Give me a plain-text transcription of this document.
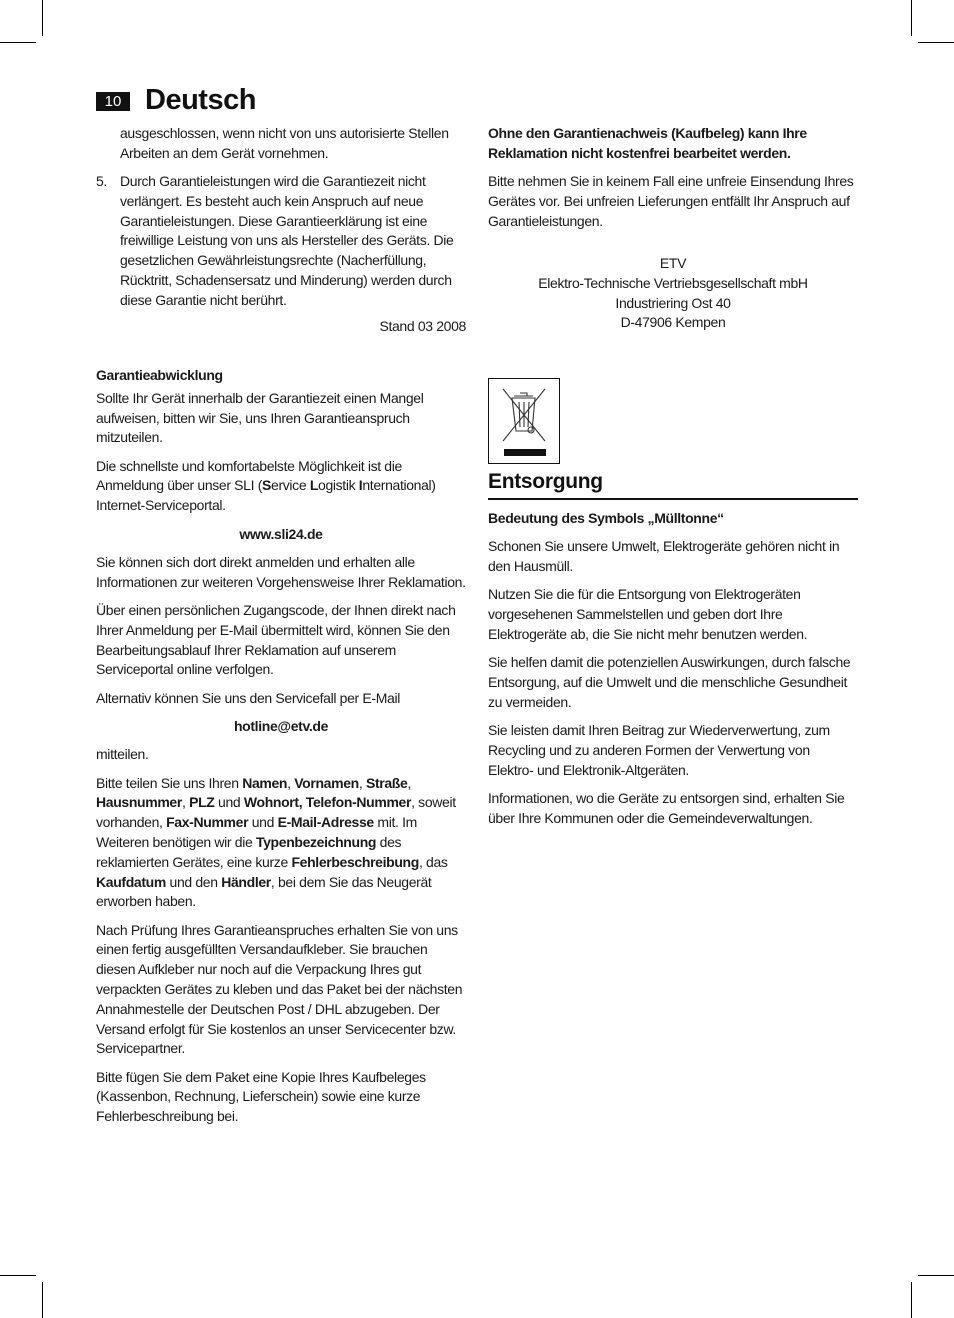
10 Deutsch

ausgeschlossen, wenn nicht von uns autorisierte Stellen Arbeiten an dem Gerät vornehmen.

5. Durch Garantieleistungen wird die Garantiezeit nicht verlängert. Es besteht auch kein Anspruch auf neue Garantieleistungen. Diese Garantieerklärung ist eine freiwillige Leistung von uns als Hersteller des Geräts. Die gesetzlichen Gewährleistungsrechte (Nacherfüllung, Rücktritt, Schadensersatz und Minderung) werden durch diese Garantie nicht berührt.

Stand 03 2008

Garantieabwicklung

Sollte Ihr Gerät innerhalb der Garantiezeit einen Mangel aufweisen, bitten wir Sie, uns Ihren Garantieanspruch mitzuteilen.

Die schnellste und komfortabelste Möglichkeit ist die Anmeldung über unser SLI (Service Logistik International) Internet-Serviceportal.

www.sli24.de

Sie können sich dort direkt anmelden und erhalten alle Informationen zur weiteren Vorgehensweise Ihrer Reklamation.

Über einen persönlichen Zugangscode, der Ihnen direkt nach Ihrer Anmeldung per E-Mail übermittelt wird, können Sie den Bearbeitungsablauf Ihrer Reklamation auf unserem Serviceportal online verfolgen.

Alternativ können Sie uns den Servicefall per E-Mail

hotline@etv.de

mitteilen.

Bitte teilen Sie uns Ihren Namen, Vornamen, Straße, Hausnummer, PLZ und Wohnort, Telefon-Nummer, soweit vorhanden, Fax-Nummer und E-Mail-Adresse mit. Im Weiteren benötigen wir die Typenbezeichnung des reklamierten Gerätes, eine kurze Fehlerbeschreibung, das Kaufdatum und den Händler, bei dem Sie das Neugerät erworben haben.

Nach Prüfung Ihres Garantieanspruches erhalten Sie von uns einen fertig ausgefüllten Versandaufkleber. Sie brauchen diesen Aufkleber nur noch auf die Verpackung Ihres gut verpackten Gerätes zu kleben und das Paket bei der nächsten Annahmestelle der Deutschen Post / DHL abzugeben. Der Versand erfolgt für Sie kostenlos an unser Servicecenter bzw. Servicepartner.

Bitte fügen Sie dem Paket eine Kopie Ihres Kaufbeleges (Kassenbon, Rechnung, Lieferschein) sowie eine kurze Fehlerbeschreibung bei.

Ohne den Garantienachweis (Kaufbeleg) kann Ihre Reklamation nicht kostenfrei bearbeitet werden.

Bitte nehmen Sie in keinem Fall eine unfreie Einsendung Ihres Gerätes vor. Bei unfreien Lieferungen entfällt Ihr Anspruch auf Garantieleistungen.

ETV
Elektro-Technische Vertriebsgesellschaft mbH
Industriering Ost 40
D-47906 Kempen
Entsorgung

Bedeutung des Symbols „Mülltonne“

Schonen Sie unsere Umwelt, Elektrogeräte gehören nicht in den Hausmüll.

Nutzen Sie die für die Entsorgung von Elektrogeräten vorgesehenen Sammelstellen und geben dort Ihre Elektrogeräte ab, die Sie nicht mehr benutzen werden.

Sie helfen damit die potenziellen Auswirkungen, durch falsche Entsorgung, auf die Umwelt und die menschliche Gesundheit zu vermeiden.

Sie leisten damit Ihren Beitrag zur Wiederverwertung, zum Recycling und zu anderen Formen der Verwertung von Elektro- und Elektronik-Altgeräten.

Informationen, wo die Geräte zu entsorgen sind, erhalten Sie über Ihre Kommunen oder die Gemeindeverwaltungen.
